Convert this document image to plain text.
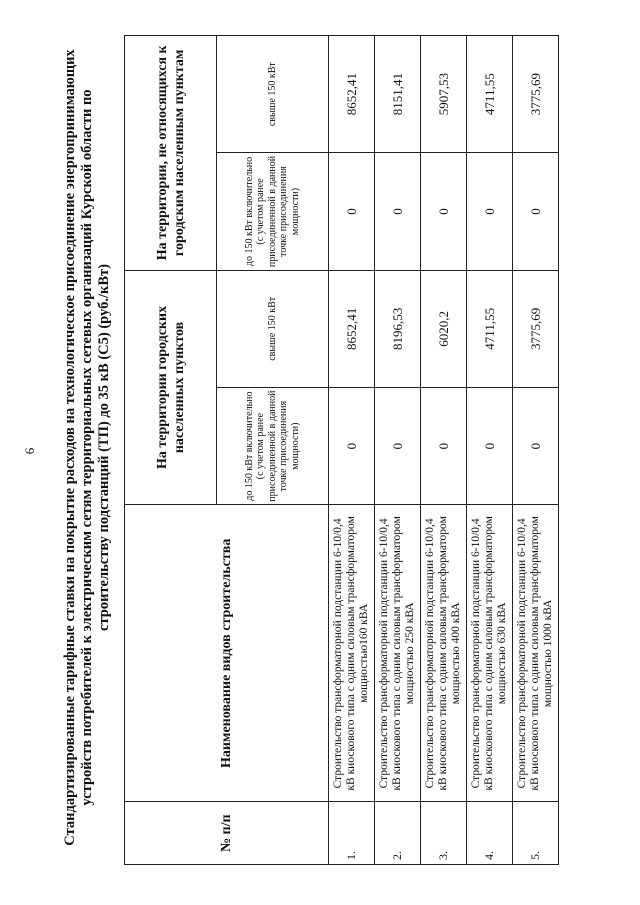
6 Стандартизированные тарифные ставки на покрытие расходов на технологическое присоединение энергопринимающих устройств потребителей к электрическим сетям территориальных сетевых организаций Курской области по строительству подстанций (ТП) до 35 кВ (С5) (руб./кВт)
№ п/п	Наименование видов строительства	На территории городских населенных пунктов		На территории, не относящихся к городским населенным пунктам	
		до 150 кВт включительно (с учетом ранее присоединенной в данной точке присоединения мощности)	свыше 150 кВт	до 150 кВт включительно (с учетом ранее присоединенной в данной точке присоединения мощности)	свыше 150 кВт
1.	Строительство трансформаторной подстанции 6-10/0,4 кВ киоскового типа с одним силовым трансформатором мощностью160 кВА	0	8652,41	0	8652,41
2.	Строительство трансформаторной подстанции 6-10/0,4 кВ киоскового типа с одним силовым трансформатором мощностью 250 кВА	0	8196,53	0	8151,41
3.	Строительство трансформаторной подстанции 6-10/0,4 кВ киоскового типа с одним силовым трансформатором мощностью 400 кВА	0	6020,2	0	5907,53
4.	Строительство трансформаторной подстанции 6-10/0,4 кВ киоскового типа с одним силовым трансформатором мощностью 630 кВА	0	4711,55	0	4711,55
5.	Строительство трансформаторной подстанции 6-10/0,4 кВ киоскового типа с одним силовым трансформатором мощностью 1000 кВА	0	3775,69	0	3775,69
